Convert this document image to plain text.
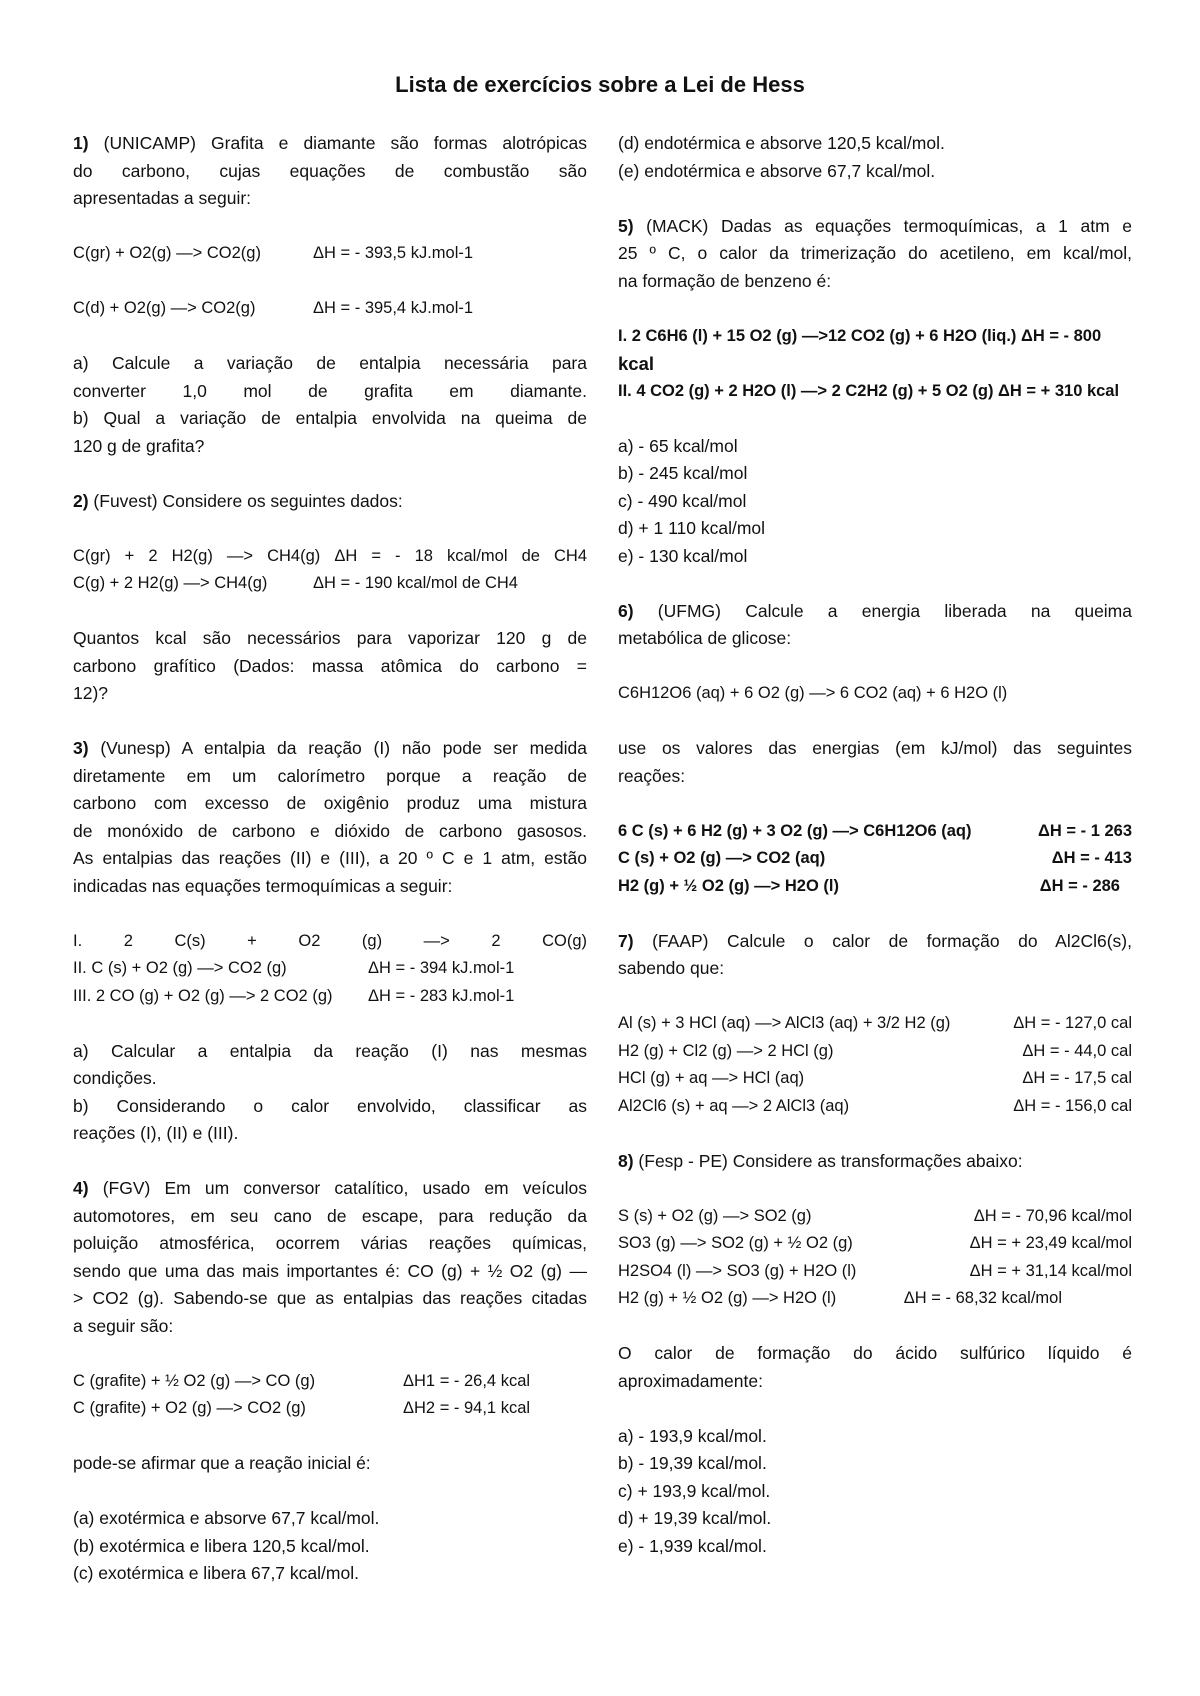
Lista de exercícios sobre a Lei de Hess
1) (UNICAMP) Grafita e diamante são formas alotrópicas
do carbono, cujas equações de combustão são
apresentadas a seguir:
C(gr) + O2(g) —> CO2(g)	ΔH = - 393,5 kJ.mol-1
C(d) + O2(g) —> CO2(g)	ΔH = - 395,4 kJ.mol-1
a) Calcule a variação de entalpia necessária para
converter 1,0 mol de grafita em diamante.
b) Qual a variação de entalpia envolvida na queima de
120 g de grafita?
2) (Fuvest) Considere os seguintes dados:
C(gr) + 2 H2(g) —> CH4(g) ΔH = - 18 kcal/mol de CH4
C(g) + 2 H2(g) —> CH4(g)	ΔH = - 190 kcal/mol de CH4
Quantos kcal são necessários para vaporizar 120 g de
carbono grafítico (Dados: massa atômica do carbono =
12)?
3) (Vunesp) A entalpia da reação (I) não pode ser medida
diretamente em um calorímetro porque a reação de
carbono com excesso de oxigênio produz uma mistura
de monóxido de carbono e dióxido de carbono gasosos.
As entalpias das reações (II) e (III), a 20 º C e 1 atm, estão
indicadas nas equações termoquímicas a seguir:
I. 2 C(s) + O2 (g) —> 2 CO(g)
II. C (s) + O2 (g) —> CO2 (g)	ΔH = - 394 kJ.mol-1
III. 2 CO (g) + O2 (g) —> 2 CO2 (g)	ΔH = - 283 kJ.mol-1
a) Calcular a entalpia da reação (I) nas mesmas
condições.
b) Considerando o calor envolvido, classificar as
reações (I), (II) e (III).
4) (FGV) Em um conversor catalítico, usado em veículos
automotores, em seu cano de escape, para redução da
poluição atmosférica, ocorrem várias reações químicas,
sendo que uma das mais importantes é: CO (g) + ½ O2 (g) —
> CO2 (g). Sabendo-se que as entalpias das reações citadas
a seguir são:
C (grafite) + ½ O2 (g) —> CO (g)	ΔH1 = - 26,4 kcal
C (grafite) + O2 (g) —> CO2 (g)	ΔH2 = - 94,1 kcal
pode-se afirmar que a reação inicial é:
(a) exotérmica e absorve 67,7 kcal/mol.
(b) exotérmica e libera 120,5 kcal/mol.
(c) exotérmica e libera 67,7 kcal/mol.
(d) endotérmica e absorve 120,5 kcal/mol.
(e) endotérmica e absorve 67,7 kcal/mol.
5) (MACK) Dadas as equações termoquímicas, a 1 atm e
25 º C, o calor da trimerização do acetileno, em kcal/mol,
na formação de benzeno é:
I. 2 C6H6 (l) + 15 O2 (g) —>12 CO2 (g) + 6 H2O (liq.) ΔH = - 800
kcal
II. 4 CO2 (g) + 2 H2O (l) —> 2 C2H2 (g) + 5 O2 (g) ΔH = + 310 kcal
a) - 65 kcal/mol
b) - 245 kcal/mol
c) - 490 kcal/mol
d) + 1 110 kcal/mol
e) - 130 kcal/mol
6) (UFMG) Calcule a energia liberada na queima
metabólica de glicose:
C6H12O6 (aq) + 6 O2 (g) —> 6 CO2 (aq) + 6 H2O (l)
use os valores das energias (em kJ/mol) das seguintes
reações:
6 C (s) + 6 H2 (g) + 3 O2 (g) —> C6H12O6 (aq)	ΔH = - 1 263
C (s) + O2 (g) —> CO2 (aq)	ΔH = - 413
H2 (g) + ½ O2 (g) —> H2O (l)	ΔH = - 286
7) (FAAP) Calcule o calor de formação do Al2Cl6(s),
sabendo que:
Al (s) + 3 HCl (aq) —> AlCl3 (aq) + 3/2 H2 (g)	ΔH = - 127,0 cal
H2 (g) + Cl2 (g) —> 2 HCl (g)	ΔH = - 44,0 cal
HCl (g) + aq —> HCl (aq)	ΔH = - 17,5 cal
Al2Cl6 (s) + aq —> 2 AlCl3 (aq)	ΔH = - 156,0 cal
8) (Fesp - PE) Considere as transformações abaixo:
S (s) + O2 (g) —> SO2 (g)	ΔH = - 70,96 kcal/mol
SO3 (g) —> SO2 (g) + ½ O2 (g)	ΔH = + 23,49 kcal/mol
H2SO4 (l) —> SO3 (g) + H2O (l)	ΔH = + 31,14 kcal/mol
H2 (g) + ½ O2 (g) —> H2O (l)	ΔH = - 68,32 kcal/mol
O calor de formação do ácido sulfúrico líquido é
aproximadamente:
a) - 193,9 kcal/mol.
b) - 19,39 kcal/mol.
c) + 193,9 kcal/mol.
d) + 19,39 kcal/mol.
e) - 1,939 kcal/mol.
